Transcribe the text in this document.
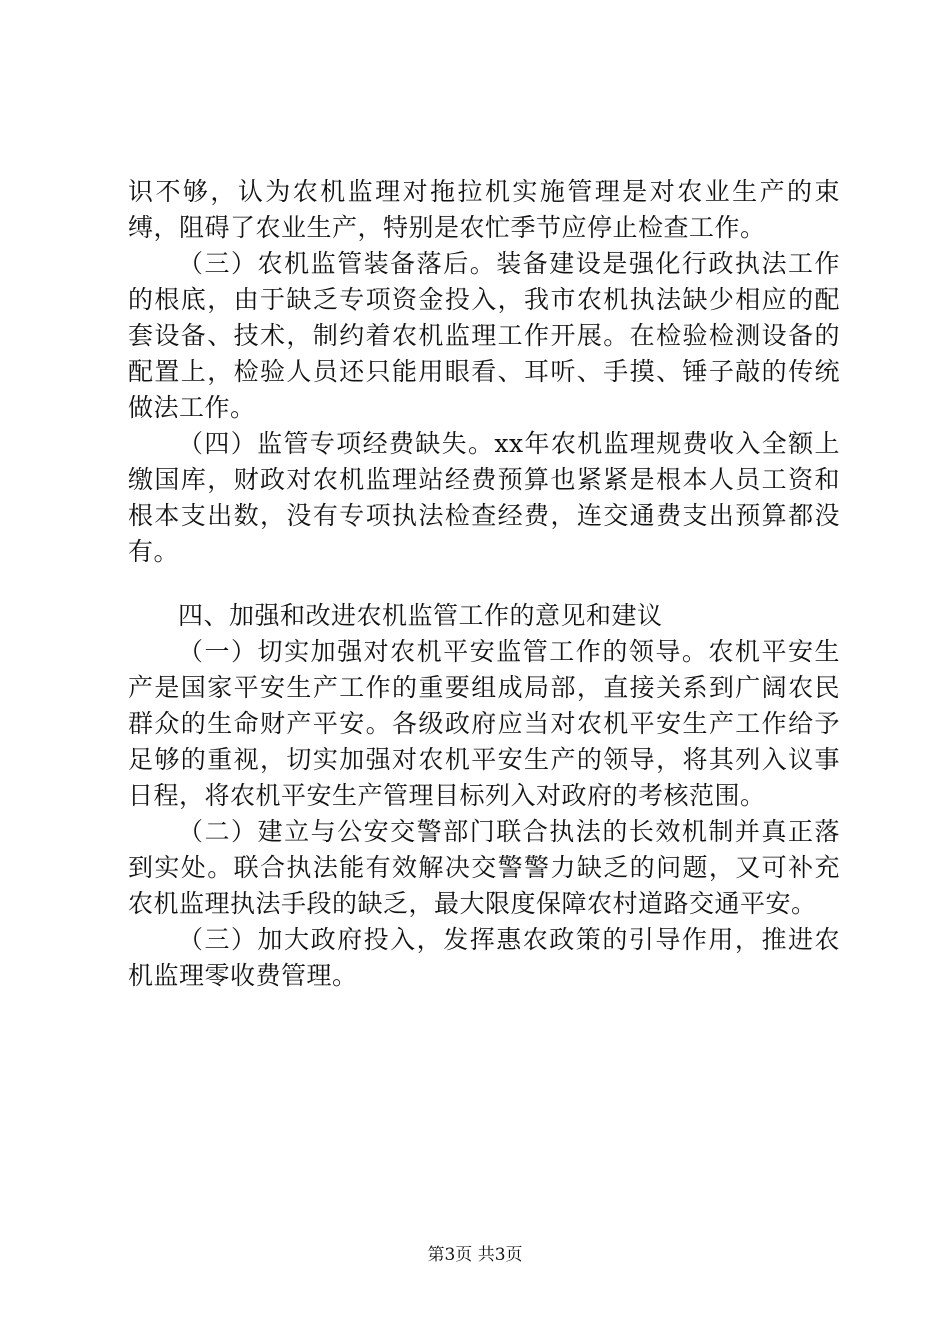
识不够，认为农机监理对拖拉机实施管理是对农业生产的束缚，阻碍了农业生产，特别是农忙季节应停止检查工作。

（三）农机监管装备落后。装备建设是强化行政执法工作的根底，由于缺乏专项资金投入，我市农机执法缺少相应的配套设备、技术，制约着农机监理工作开展。在检验检测设备的配置上，检验人员还只能用眼看、耳听、手摸、锤子敲的传统做法工作。

（四）监管专项经费缺失。xx年农机监理规费收入全额上缴国库，财政对农机监理站经费预算也紧紧是根本人员工资和根本支出数，没有专项执法检查经费，连交通费支出预算都没有。

四、加强和改进农机监管工作的意见和建议

（一）切实加强对农机平安监管工作的领导。农机平安生产是国家平安生产工作的重要组成局部，直接关系到广阔农民群众的生命财产平安。各级政府应当对农机平安生产工作给予足够的重视，切实加强对农机平安生产的领导，将其列入议事日程，将农机平安生产管理目标列入对政府的考核范围。

（二）建立与公安交警部门联合执法的长效机制并真正落到实处。联合执法能有效解决交警警力缺乏的问题，又可补充农机监理执法手段的缺乏，最大限度保障农村道路交通平安。

（三）加大政府投入，发挥惠农政策的引导作用，推进农机监理零收费管理。

第3页 共3页
